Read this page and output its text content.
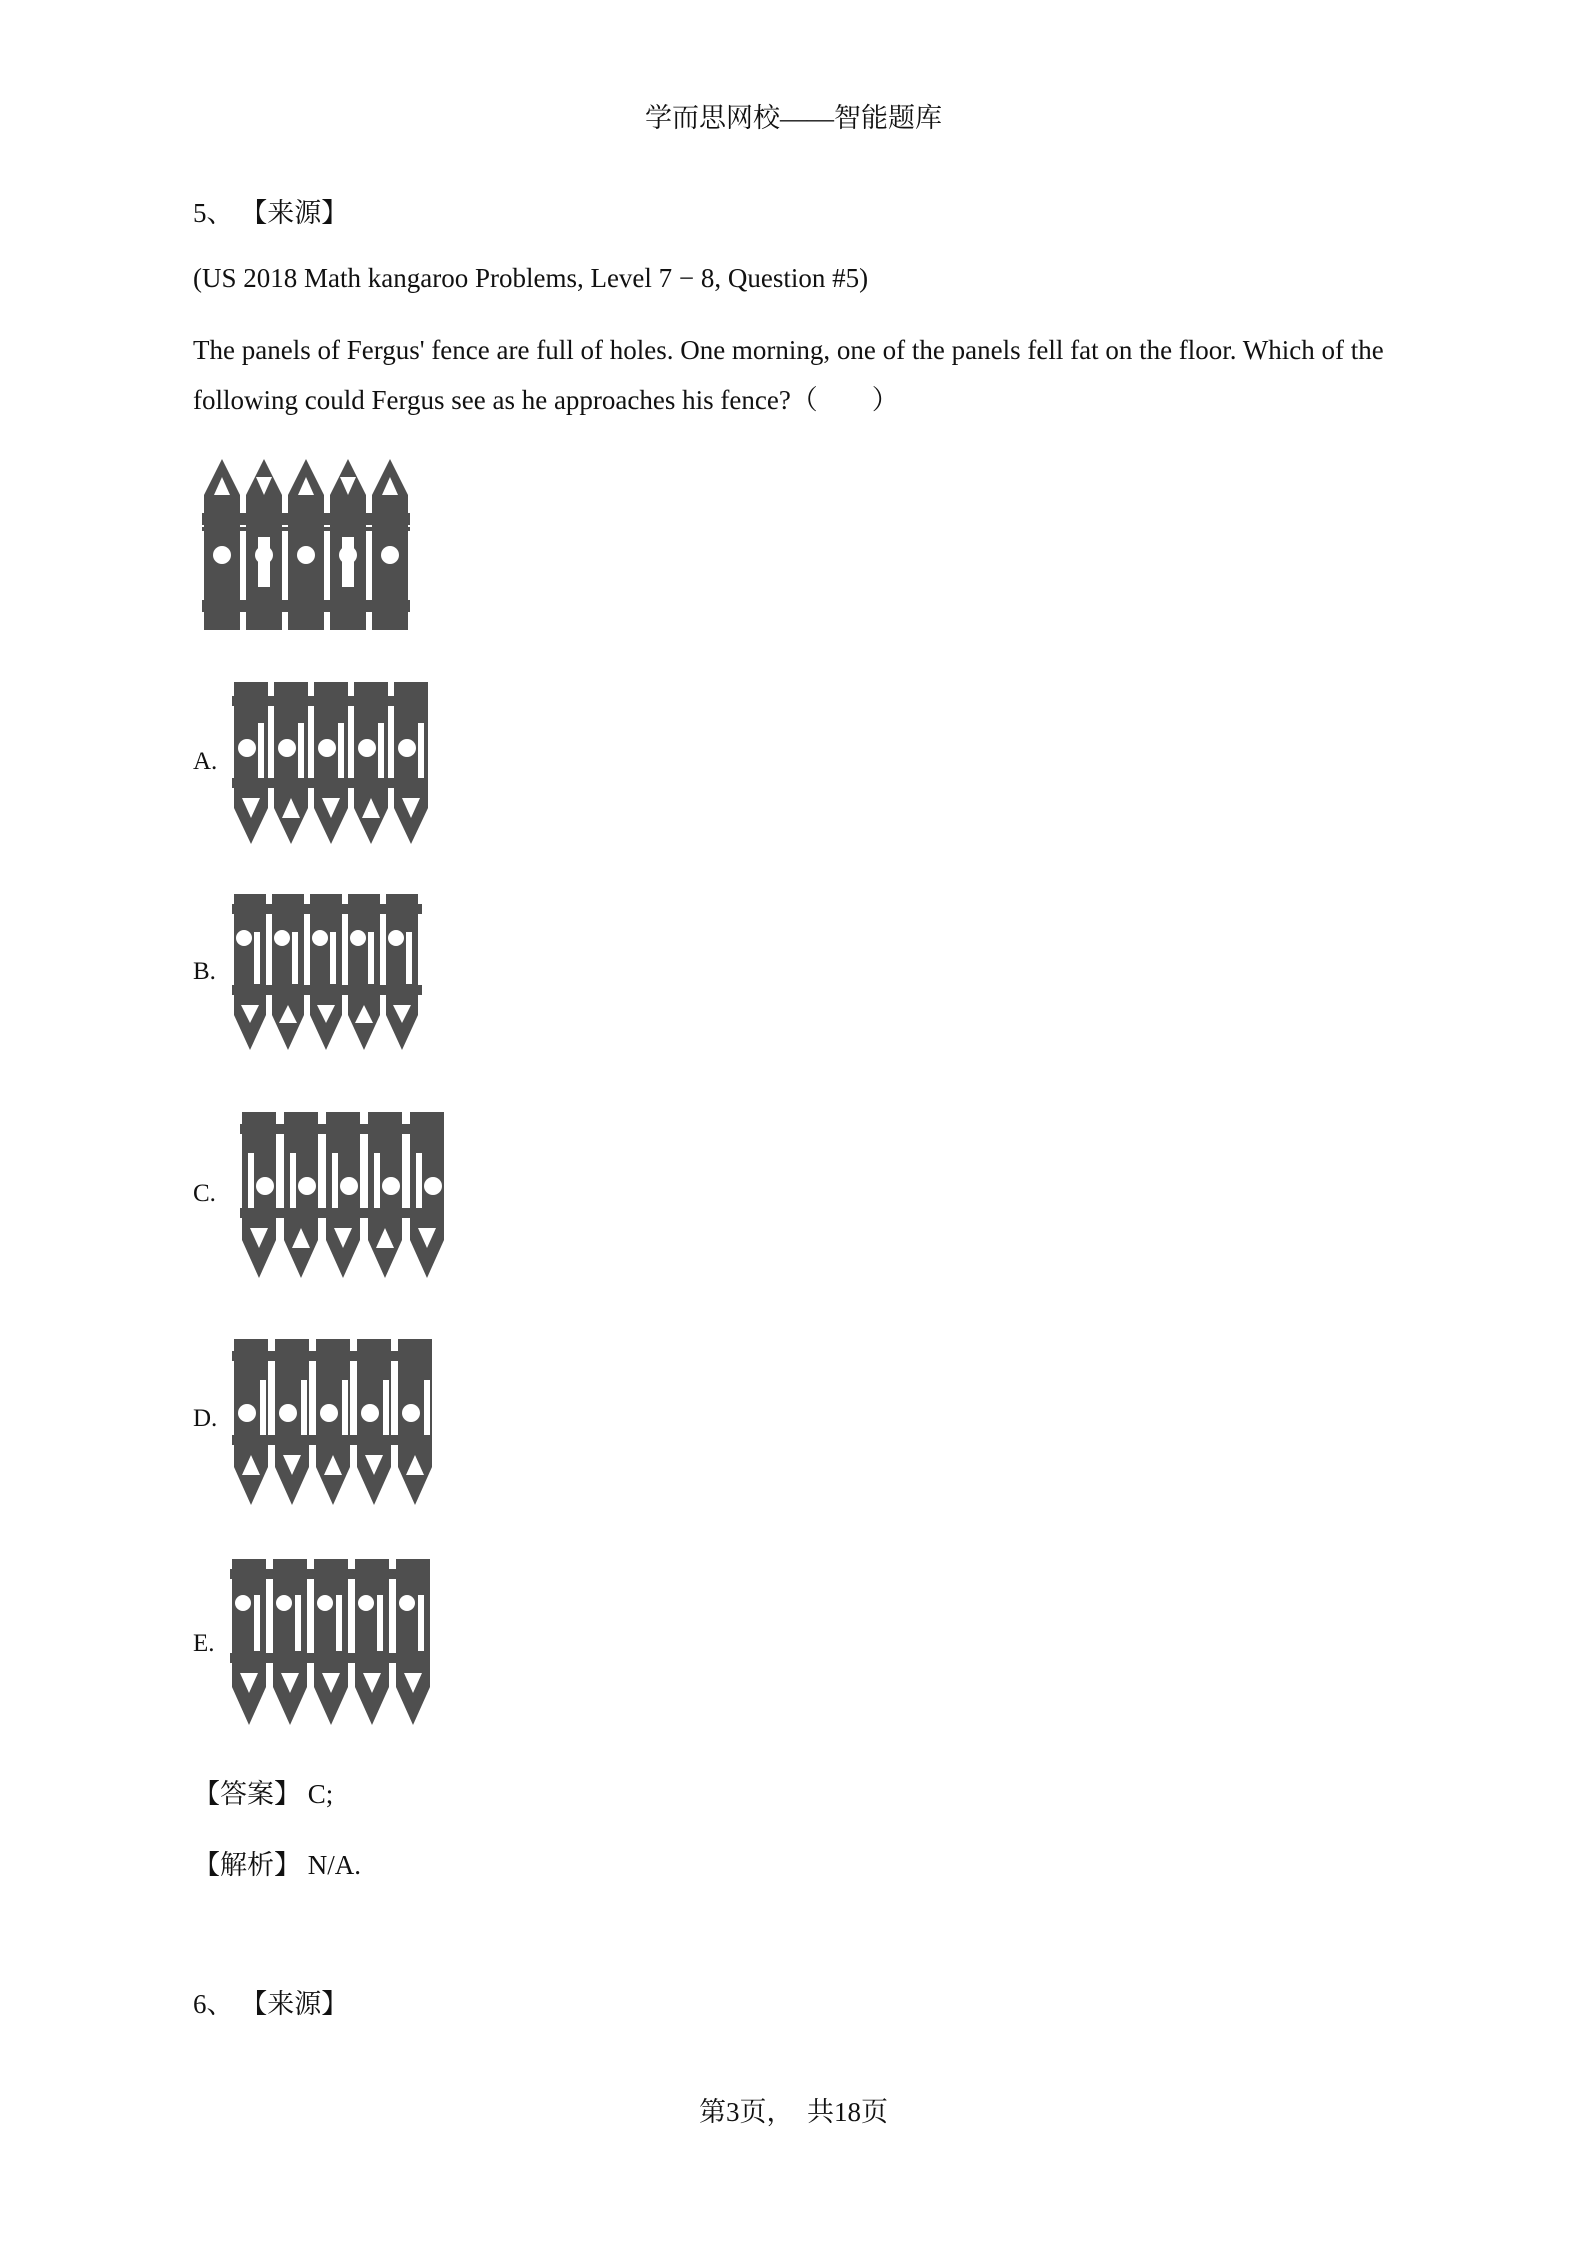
学而思网校——智能题库
5、 【来源】
(US 2018 Math kangaroo Problems, Level 7 − 8, Question #5)
The panels of Fergus' fence are full of holes. One morning, one of the panels fell fat on the floor. Which of the following could Fergus see as he approaches his fence?（　　）
A.
B.
C.
D.
E.
【答案】 C;
【解析】 N/A.
6、 【来源】
第3页，　共18页
